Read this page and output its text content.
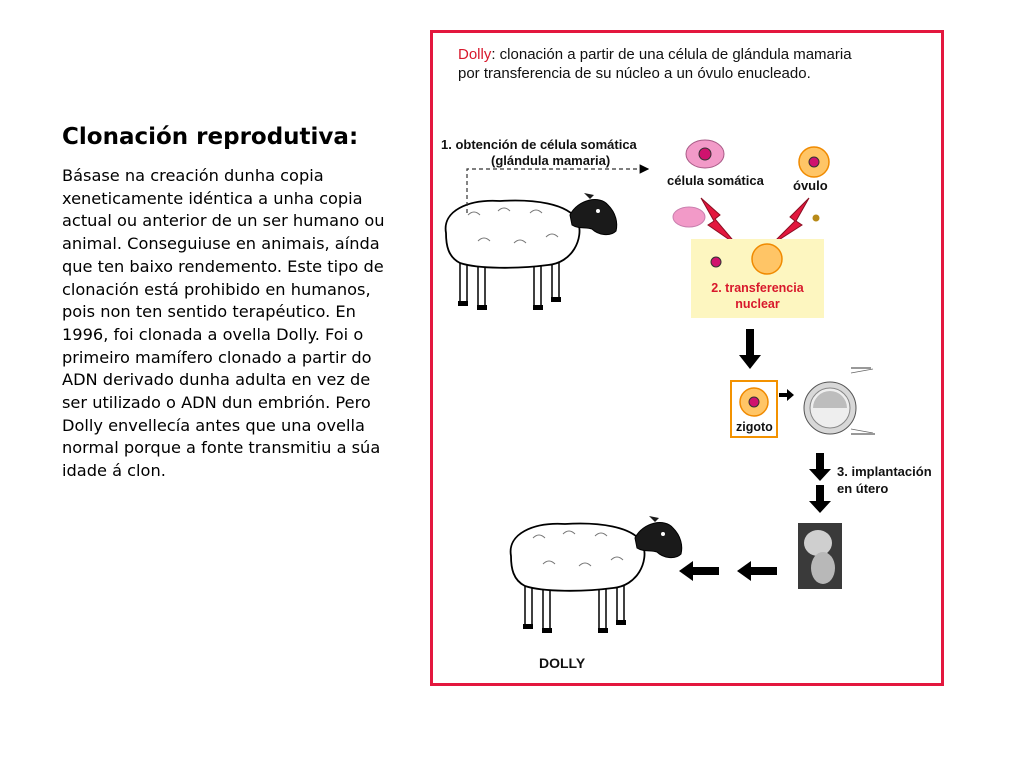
Clonación reprodutiva:

Básase na creación dunha copia xeneticamente idéntica a unha copia actual ou anterior de un ser humano ou animal. Conseguiuse en animais, aínda que ten baixo rendemento. Este tipo de clonación está prohibido en humanos, pois non ten sentido terapéutico. En 1996, foi clonada a ovella Dolly. Foi o primeiro mamífero clonado a partir do ADN derivado dunha adulta en vez de ser utilizado o ADN dun embrión. Pero Dolly envellecía antes que una ovella normal porque a fonte transmitiu a súa idade á clon.

Dolly: clonación a partir de una célula de glándula mamaria
por transferencia de su núcleo a un óvulo enucleado.
1. obtención de célula somática
(glándula mamaria)
célula somática óvulo
2. transferencia
nuclear
zigoto
3. implantación
en útero
DOLLY
